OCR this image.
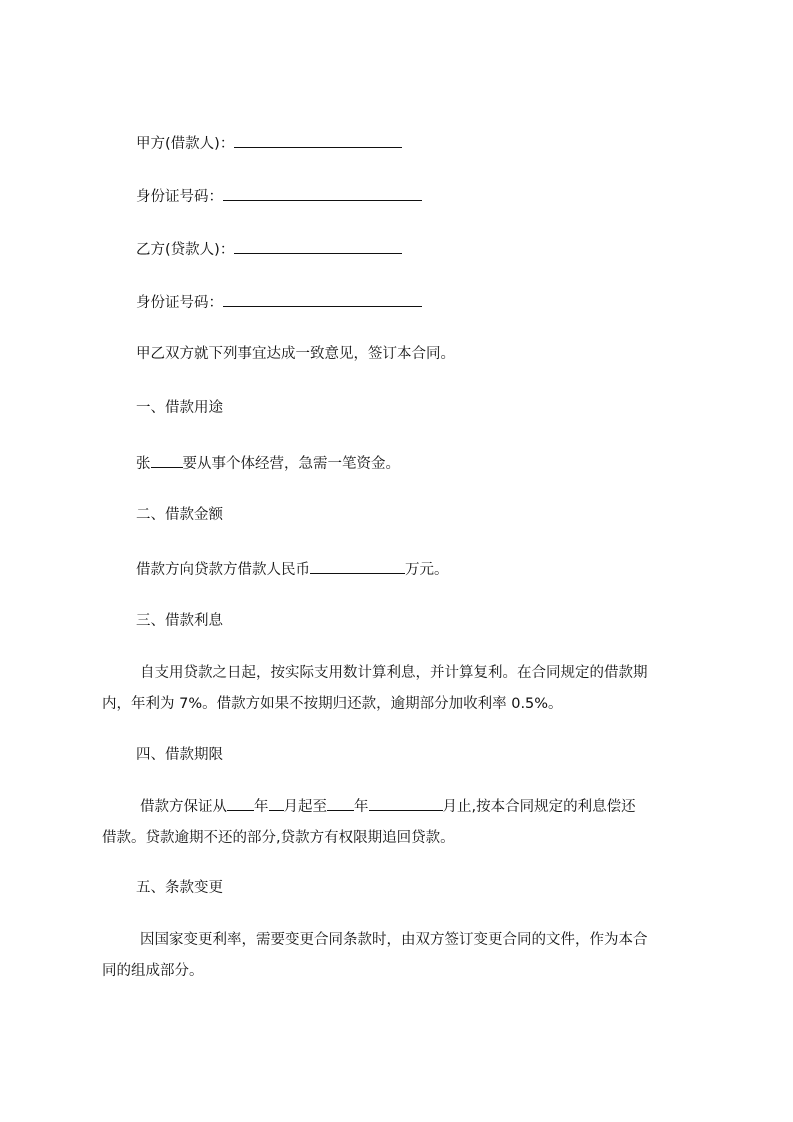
甲方(借款人)：
身份证号码：
乙方(贷款人)：
身份证号码：
甲乙双方就下列事宜达成一致意见，签订本合同。
一、借款用途
张 要从事个体经营，急需一笔资金。
二、借款金额
借款方向贷款方借款人民币	万元。
三、借款利息
自支用贷款之日起，按实际支用数计算利息，并计算复利。在合同规定的借款期
内，年利为 7%。借款方如果不按期归还款，逾期部分加收利率 0.5%。
四、借款期限
借款方保证从 年 月起至 年	月止,按本合同规定的利息偿还
借款。贷款逾期不还的部分,贷款方有权限期追回贷款。
五、条款变更
因国家变更利率，需要变更合同条款时，由双方签订变更合同的文件，作为本合
同的组成部分。
